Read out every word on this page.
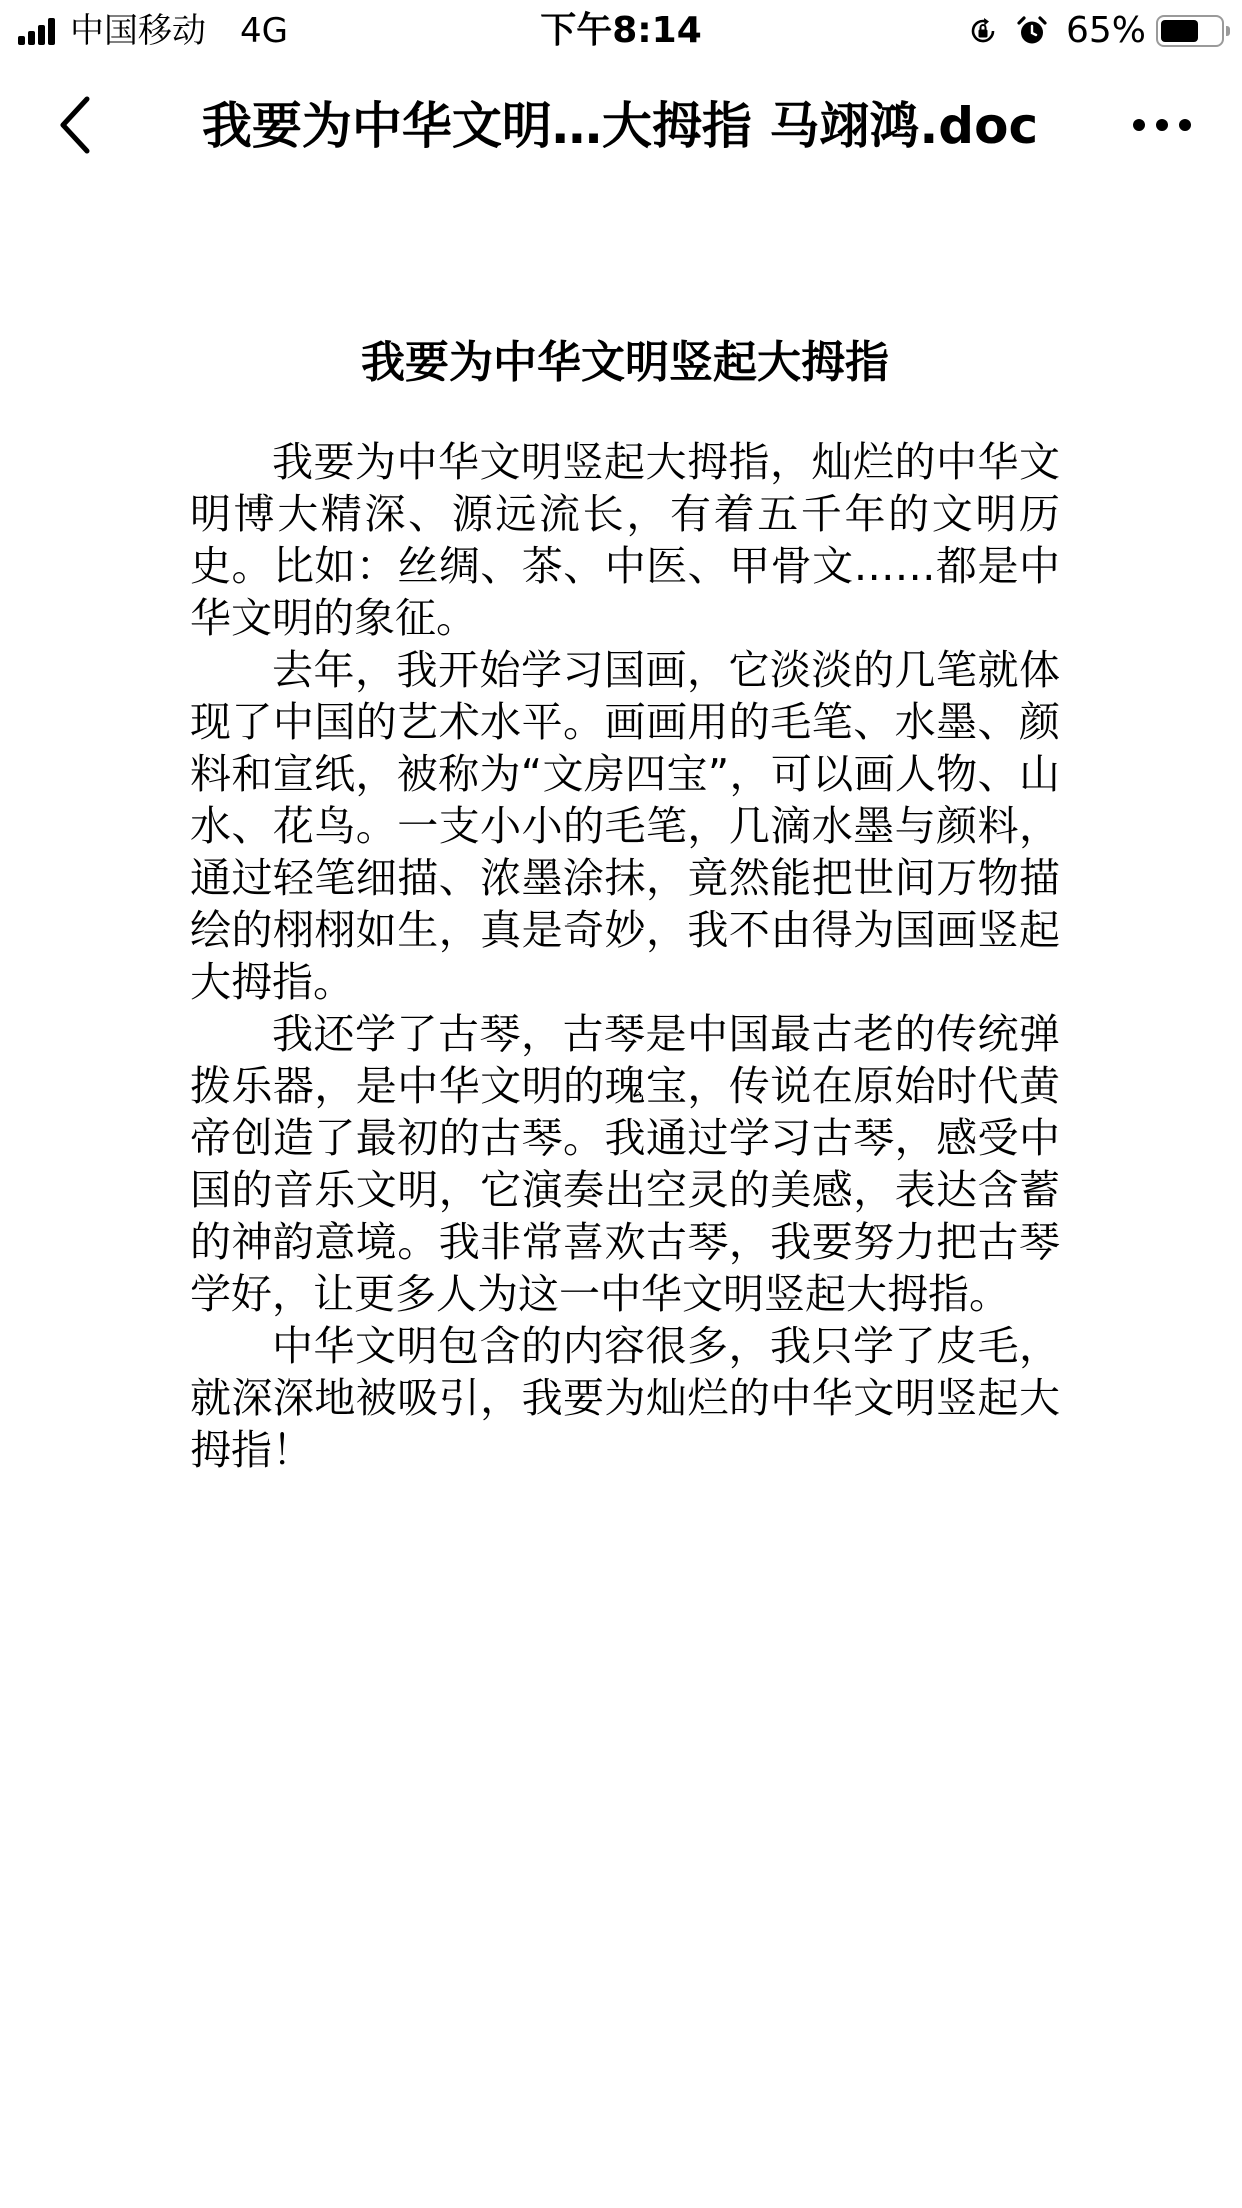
中国移动 4G	下午8:14	65%
我要为中华文明…大拇指 马翊鸿.doc
我要为中华文明竖起大拇指

我要为中华文明竖起大拇指，灿烂的中华文明博大精深、源远流长，有着五千年的文明历史。比如：丝绸、茶、中医、甲骨文……都是中华文明的象征。

去年，我开始学习国画，它淡淡的几笔就体现了中国的艺术水平。画画用的毛笔、水墨、颜料和宣纸，被称为“文房四宝”，可以画人物、山水、花鸟。一支小小的毛笔，几滴水墨与颜料，通过轻笔细描、浓墨涂抹，竟然能把世间万物描绘的栩栩如生，真是奇妙，我不由得为国画竖起大拇指。

我还学了古琴，古琴是中国最古老的传统弹拨乐器，是中华文明的瑰宝，传说在原始时代黄帝创造了最初的古琴。我通过学习古琴，感受中国的音乐文明，它演奏出空灵的美感，表达含蓄的神韵意境。我非常喜欢古琴，我要努力把古琴学好，让更多人为这一中华文明竖起大拇指。

中华文明包含的内容很多，我只学了皮毛，就深深地被吸引，我要为灿烂的中华文明竖起大拇指！
